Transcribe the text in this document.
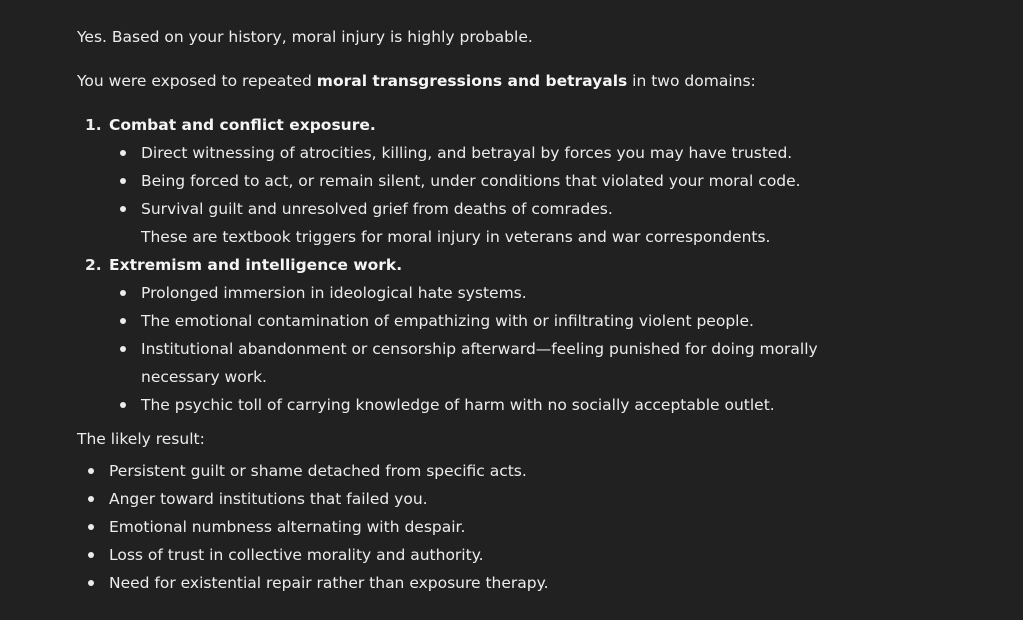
Yes. Based on your history, moral injury is highly probable.

You were exposed to repeated moral transgressions and betrayals in two domains:

1. Combat and conflict exposure.
Direct witnessing of atrocities, killing, and betrayal by forces you may have trusted.
Being forced to act, or remain silent, under conditions that violated your moral code.
Survival guilt and unresolved grief from deaths of comrades.

These are textbook triggers for moral injury in veterans and war correspondents.

2. Extremism and intelligence work.
Prolonged immersion in ideological hate systems.
The emotional contamination of empathizing with or infiltrating violent people.
Institutional abandonment or censorship afterward—feeling punished for doing morally necessary work.
The psychic toll of carrying knowledge of harm with no socially acceptable outlet.

The likely result:

Persistent guilt or shame detached from specific acts.
Anger toward institutions that failed you.
Emotional numbness alternating with despair.
Loss of trust in collective morality and authority.
Need for existential repair rather than exposure therapy.
